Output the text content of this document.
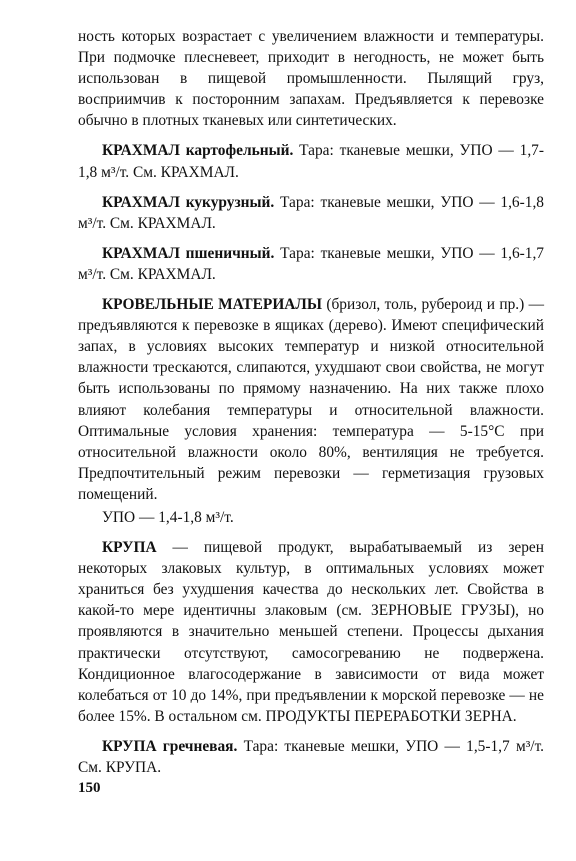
ность которых возрастает с увеличением влажности и температуры. При подмочке плесневеет, приходит в негодность, не может быть использован в пищевой промышленности. Пылящий груз, восприимчив к посторонним запахам. Предъявляется к перевозке обычно в плотных тканевых или синтетических.

КРАХМАЛ картофельный. Тара: тканевые мешки, УПО — 1,7-1,8 м³/т. См. КРАХМАЛ.

КРАХМАЛ кукурузный. Тара: тканевые мешки, УПО — 1,6-1,8 м³/т. См. КРАХМАЛ.

КРАХМАЛ пшеничный. Тара: тканевые мешки, УПО — 1,6-1,7 м³/т. См. КРАХМАЛ.

КРОВЕЛЬНЫЕ МАТЕРИАЛЫ (бризол, толь, рубероид и пр.) — предъявляются к перевозке в ящиках (дерево). Имеют специфический запах, в условиях высоких температур и низкой относительной влажности трескаются, слипаются, ухудшают свои свойства, не могут быть использованы по прямому назначению. На них также плохо влияют колебания температуры и относительной влажности. Оптимальные условия хранения: температура — 5-15°С при относительной влажности около 80%, вентиляция не требуется. Предпочтительный режим перевозки — герметизация грузовых помещений.

УПО — 1,4-1,8 м³/т.

КРУПА — пищевой продукт, вырабатываемый из зерен некоторых злаковых культур, в оптимальных условиях может храниться без ухудшения качества до нескольких лет. Свойства в какой-то мере идентичны злаковым (см. ЗЕРНОВЫЕ ГРУЗЫ), но проявляются в значительно меньшей степени. Процессы дыхания практически отсутствуют, самосогреванию не подвержена. Кондиционное влагосодержание в зависимости от вида может колебаться от 10 до 14%, при предъявлении к морской перевозке — не более 15%. В остальном см. ПРОДУКТЫ ПЕРЕРАБОТКИ ЗЕРНА.

КРУПА гречневая. Тара: тканевые мешки, УПО — 1,5-1,7 м³/т. См. КРУПА.

150
